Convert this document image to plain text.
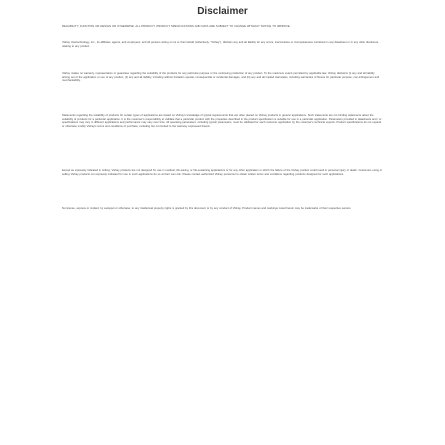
Disclaimer

RELIABILITY, FUNCTION OR DESIGN OR OTHERWISE. ALL PRODUCT, PRODUCT SPECIFICATIONS AND DATA ARE SUBJECT TO CHANGE WITHOUT NOTICE TO IMPROVE

Vishay Intertechnology, Inc., its affiliates, agents, and employees, and all persons acting on its or their behalf (collectively, "Vishay"), disclaim any and all liability for any errors, inaccuracies or incompleteness contained in any datasheet or in any other disclosure relating to any product.

Vishay makes no warranty, representation or guarantee regarding the suitability of the products for any particular purpose or the continuing production of any product. To the maximum extent permitted by applicable law, Vishay disclaims (i) any and all liability arising out of the application or use of any product, (ii) any and all liability, including without limitation special, consequential or incidental damages, and (iii) any and all implied warranties, including warranties of fitness for particular purpose, non-infringement and merchantability.

Statements regarding the suitability of products for certain types of applications are based on Vishay's knowledge of typical requirements that are often placed on Vishay products in generic applications. Such statements are not binding statements about the suitability of products for a particular application. It is the customer's responsibility to validate that a particular product with the properties described in the product specification is suitable for use in a particular application. Parameters provided in datasheets and / or specifications may vary in different applications and performance may vary over time. All operating parameters, including typical parameters, must be validated for each customer application by the customer's technical experts. Product specifications do not expand or otherwise modify Vishay's terms and conditions of purchase, including but not limited to the warranty expressed therein.

Except as expressly indicated in writing, Vishay products are not designed for use in medical, life-saving, or life-sustaining applications or for any other application in which the failure of the Vishay product could result in personal injury or death. Customers using or selling Vishay products not expressly indicated for use in such applications do so at their own risk. Please contact authorized Vishay personnel to obtain written terms and conditions regarding products designed for such applications.

No license, express or implied, by estoppel or otherwise, to any intellectual property rights is granted by this document or by any conduct of Vishay. Product names and markings noted herein may be trademarks of their respective owners.
